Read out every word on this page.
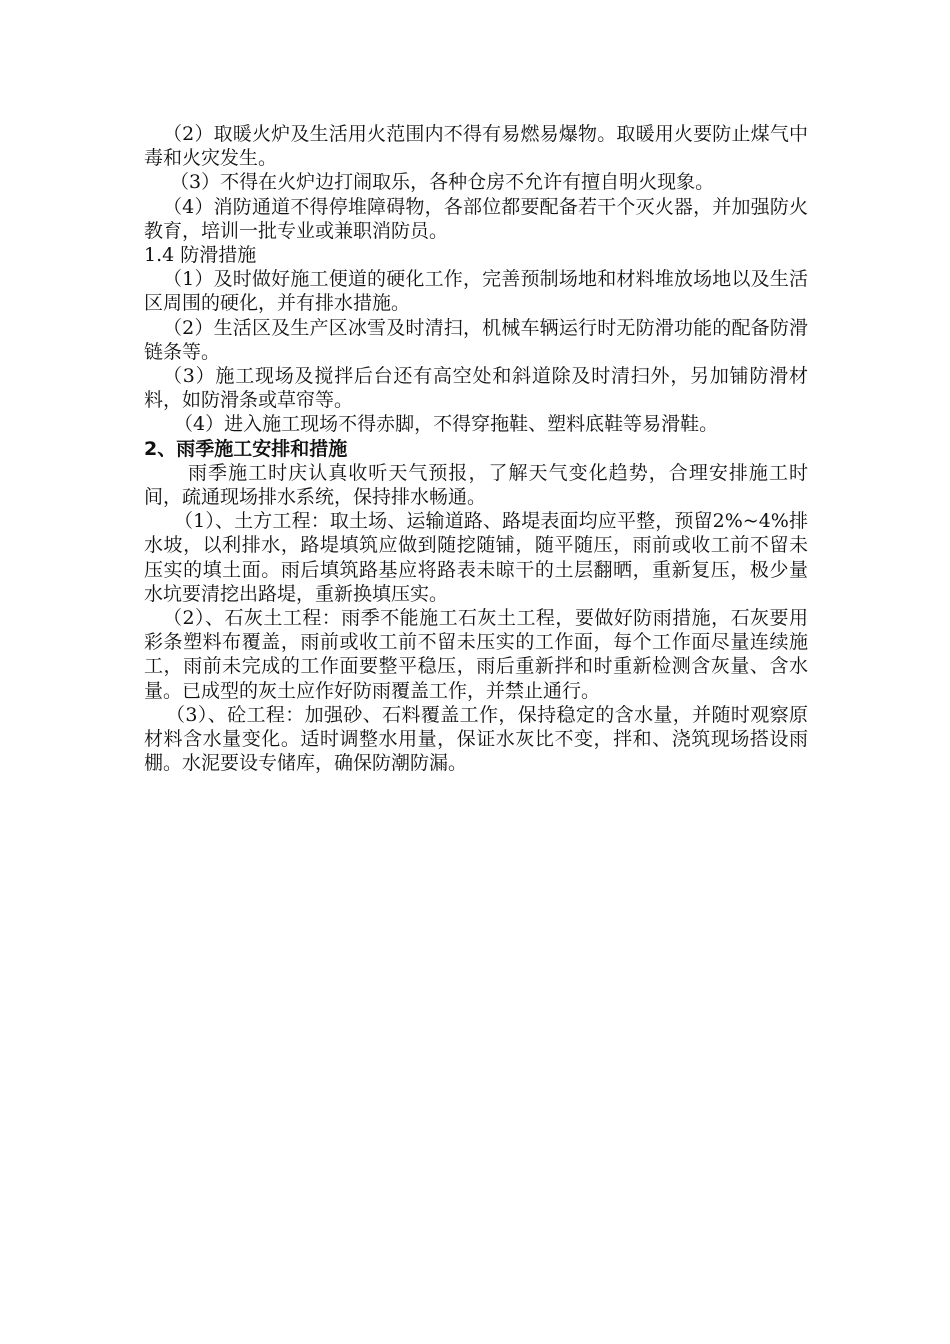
（2）取暖火炉及生活用火范围内不得有易燃易爆物。取暖用火要防止煤气中毒和火灾发生。

（3）不得在火炉边打闹取乐，各种仓房不允许有擅自明火现象。

（4）消防通道不得停堆障碍物，各部位都要配备若干个灭火器，并加强防火教育，培训一批专业或兼职消防员。

1.4 防滑措施

（1）及时做好施工便道的硬化工作，完善预制场地和材料堆放场地以及生活区周围的硬化，并有排水措施。

（2）生活区及生产区冰雪及时清扫，机械车辆运行时无防滑功能的配备防滑链条等。

（3）施工现场及搅拌后台还有高空处和斜道除及时清扫外，另加铺防滑材料，如防滑条或草帘等。

（4）进入施工现场不得赤脚，不得穿拖鞋、塑料底鞋等易滑鞋。

2、雨季施工安排和措施

雨季施工时庆认真收听天气预报，了解天气变化趋势，合理安排施工时间，疏通现场排水系统，保持排水畅通。

（1）、土方工程：取土场、运输道路、路堤表面均应平整，预留2%~4%排水坡，以利排水，路堤填筑应做到随挖随铺，随平随压，雨前或收工前不留未压实的填土面。雨后填筑路基应将路表未晾干的土层翻晒，重新复压，极少量水坑要清挖出路堤，重新换填压实。

（2）、石灰土工程：雨季不能施工石灰土工程，要做好防雨措施，石灰要用彩条塑料布覆盖，雨前或收工前不留未压实的工作面，每个工作面尽量连续施工，雨前未完成的工作面要整平稳压，雨后重新拌和时重新检测含灰量、含水量。已成型的灰土应作好防雨覆盖工作，并禁止通行。

（3）、砼工程：加强砂、石料覆盖工作，保持稳定的含水量，并随时观察原材料含水量变化。适时调整水用量，保证水灰比不变，拌和、浇筑现场搭设雨棚。水泥要设专储库，确保防潮防漏。
